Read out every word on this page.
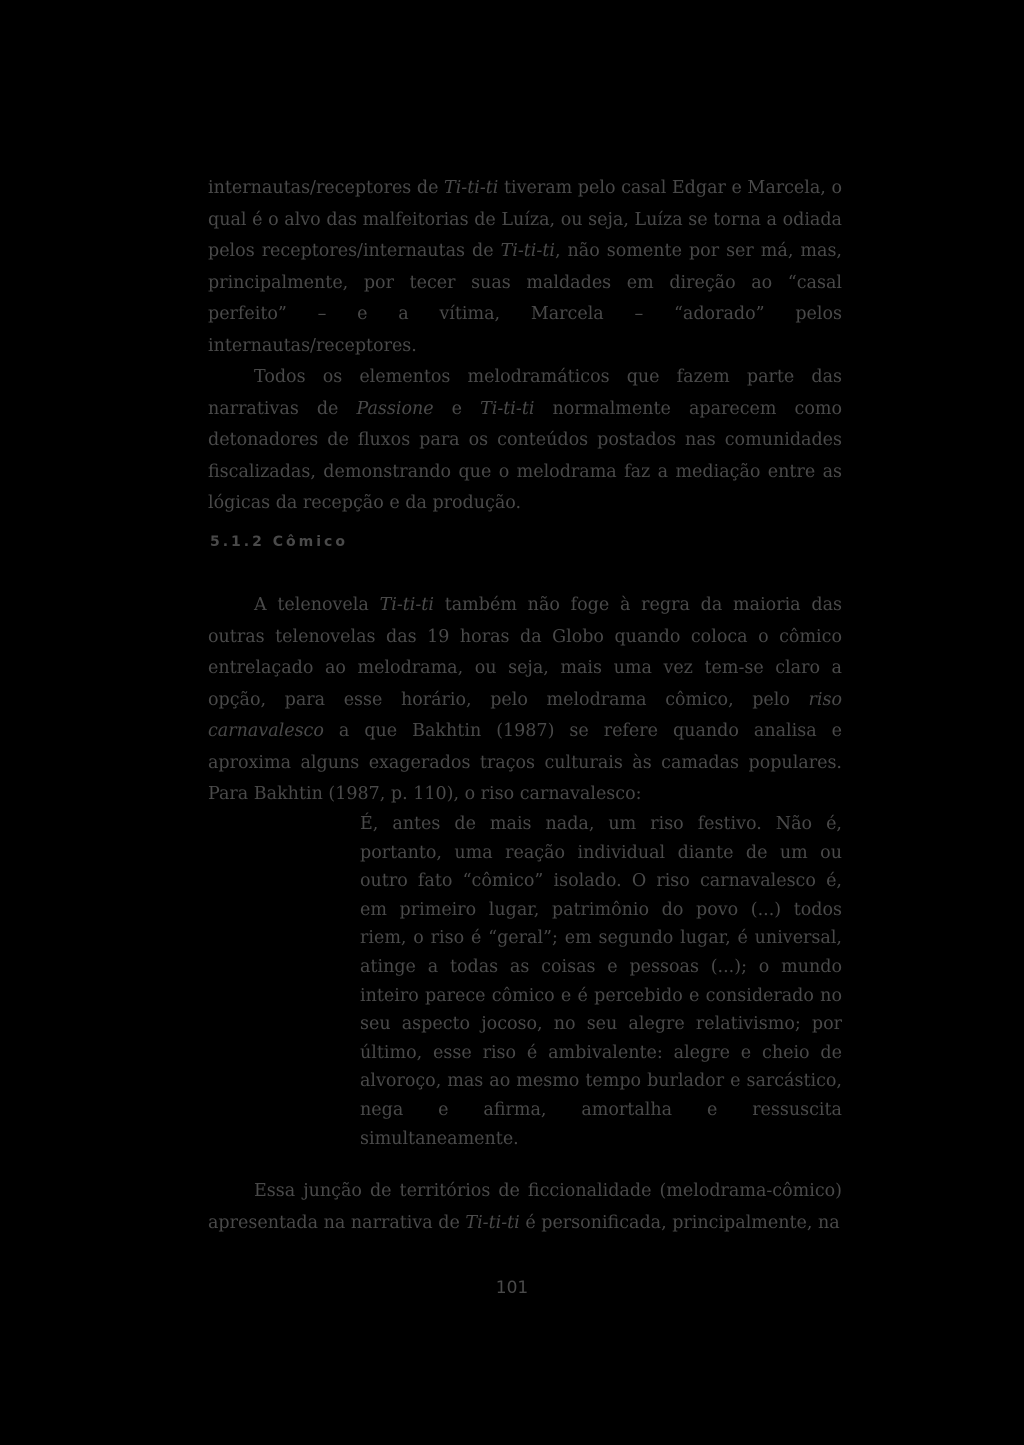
internautas/receptores de Ti-ti-ti tiveram pelo casal Edgar e Marcela, o qual é o alvo das malfeitorias de Luíza, ou seja, Luíza se torna a odiada pelos receptores/internautas de Ti-ti-ti, não somente por ser má, mas, principalmente, por tecer suas maldades em direção ao “casal perfeito” – e a vítima, Marcela – “adorado” pelos internautas/receptores.

Todos os elementos melodramáticos que fazem parte das narrativas de Passione e Ti-ti-ti normalmente aparecem como detonadores de fluxos para os conteúdos postados nas comunidades fiscalizadas, demonstrando que o melodrama faz a mediação entre as lógicas da recepção e da produção.

5.1.2 Cômico

A telenovela Ti-ti-ti também não foge à regra da maioria das outras telenovelas das 19 horas da Globo quando coloca o cômico entrelaçado ao melodrama, ou seja, mais uma vez tem-se claro a opção, para esse horário, pelo melodrama cômico, pelo riso carnavalesco a que Bakhtin (1987) se refere quando analisa e aproxima alguns exagerados traços culturais às camadas populares. Para Bakhtin (1987, p. 110), o riso carnavalesco:

É, antes de mais nada, um riso festivo. Não é, portanto, uma reação individual diante de um ou outro fato “cômico” isolado. O riso carnavalesco é, em primeiro lugar, patrimônio do povo (...) todos riem, o riso é “geral”; em segundo lugar, é universal, atinge a todas as coisas e pessoas (...); o mundo inteiro parece cômico e é percebido e considerado no seu aspecto jocoso, no seu alegre relativismo; por último, esse riso é ambivalente: alegre e cheio de alvoroço, mas ao mesmo tempo burlador e sarcástico, nega e afirma, amortalha e ressuscita simultaneamente.

Essa junção de territórios de ficcionalidade (melodrama-cômico) apresentada na narrativa de Ti-ti-ti é personificada, principalmente, na

101
